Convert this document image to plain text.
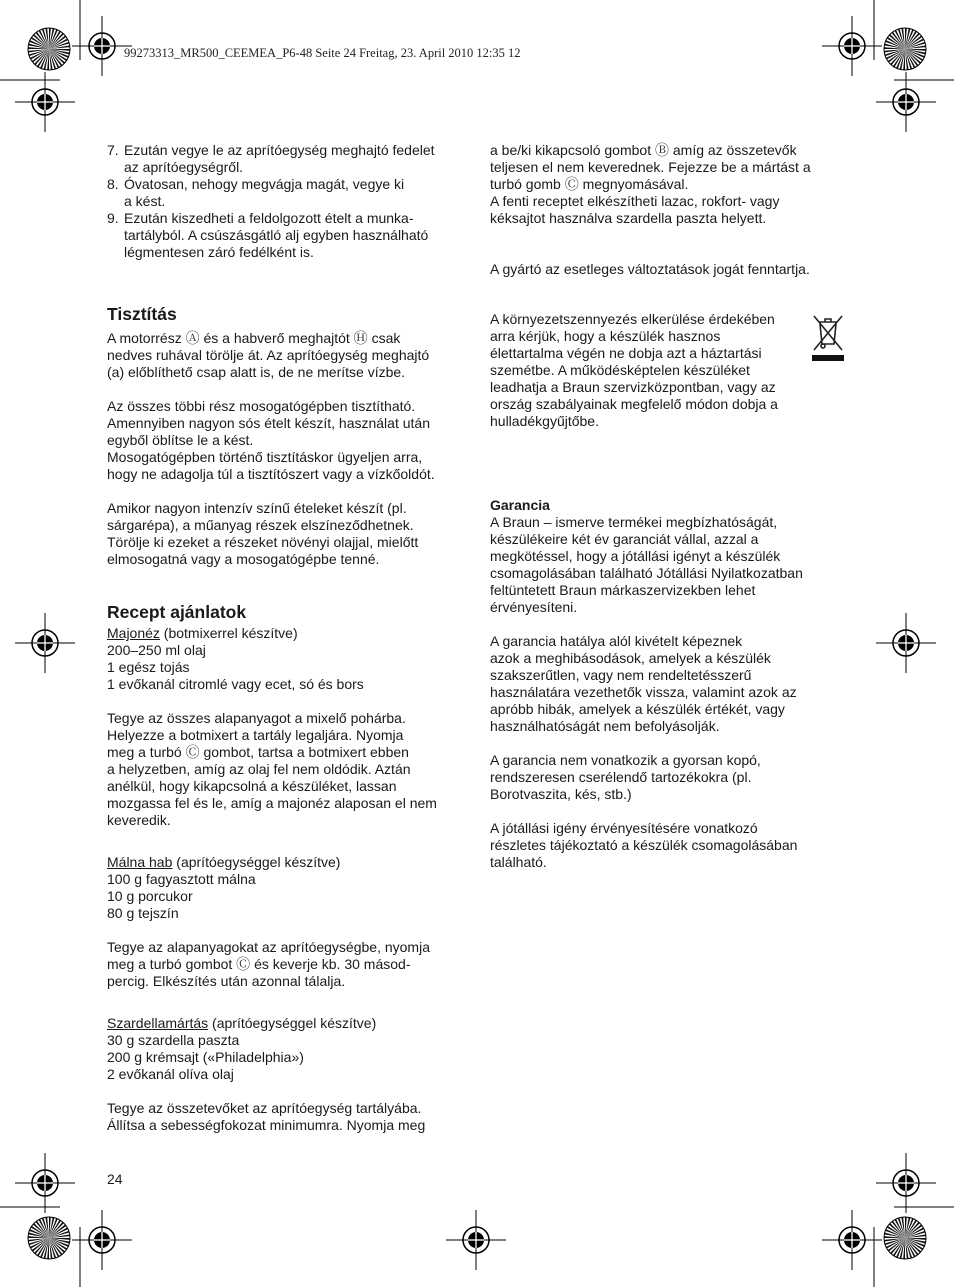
99273313_MR500_CEEMEA_P6-48 Seite 24 Freitag, 23. April 2010 12:35 12
7. Ezután vegye le az aprítóegység meghajtó fedelet
az aprítóegységről.
8. Óvatosan, nehogy megvágja magát, vegye ki
a kést.
9. Ezután kiszedheti a feldolgozott ételt a munka-
tartályból. A csúszásgátló alj egyben használható
légmentesen záró fedélként is.
Tisztítás
A motorrész Ⓐ és a habverő meghajtót Ⓗ csak
nedves ruhával törölje át. Az aprítóegység meghajtó
(a) előblíthető csap alatt is, de ne merítse vízbe.
Az összes többi rész mosogatógépben tisztítható.
Amennyiben nagyon sós ételt készít, használat után
egyből öblítse le a kést.
Mosogatógépben történő tisztításkor ügyeljen arra,
hogy ne adagolja túl a tisztítószert vagy a vízkőoldót.
Amikor nagyon intenzív színű ételeket készít (pl.
sárgarépa), a műanyag részek elszíneződhetnek.
Törölje ki ezeket a részeket növényi olajjal, mielőtt
elmosogatná vagy a mosogatógépbe tenné.
Recept ajánlatok
Majonéz (botmixerrel készítve)
200–250 ml olaj
1 egész tojás
1 evőkanál citromlé vagy ecet, só és bors
Tegye az összes alapanyagot a mixelő pohárba.
Helyezze a botmixert a tartály legaljára. Nyomja
meg a turbó Ⓒ gombot, tartsa a botmixert ebben
a helyzetben, amíg az olaj fel nem oldódik. Aztán
anélkül, hogy kikapcsolná a készüléket, lassan
mozgassa fel és le, amíg a majonéz alaposan el nem
keveredik.
Málna hab (aprítóegységgel készítve)
100 g fagyasztott málna
10 g porcukor
80 g tejszín
Tegye az alapanyagokat az aprítóegységbe, nyomja
meg a turbó gombot Ⓒ és keverje kb. 30 másod-
percig. Elkészítés után azonnal tálalja.
Szardellamártás (aprítóegységgel készítve)
30 g szardella paszta
200 g krémsajt («Philadelphia»)
2 evőkanál olíva olaj
Tegye az összetevőket az aprítóegység tartályába.
Állítsa a sebességfokozat minimumra. Nyomja meg
a be/ki kikapcsoló gombot Ⓑ amíg az összetevők
teljesen el nem keverednek. Fejezze be a mártást a
turbó gomb Ⓒ megnyomásával.
A fenti receptet elkészítheti lazac, rokfort- vagy
kéksajtot használva szardella paszta helyett.
A gyártó az esetleges változtatások jogát fenntartja.
A környezetszennyezés elkerülése érdekében
arra kérjük, hogy a készülék hasznos
élettartalma végén ne dobja azt a háztartási
szemétbe. A működésképtelen készüléket
leadhatja a Braun szervizközpontban, vagy az
ország szabályainak megfelelő módon dobja a
hulladékgyűjtőbe.
Garancia
A Braun – ismerve termékei megbízhatóságát,
készülékeire két év garanciát vállal, azzal a
megkötéssel, hogy a jótállási igényt a készülék
csomagolásában található Jótállási Nyilatkozatban
feltüntetett Braun márkaszervizekben lehet
érvényesíteni.
A garancia hatálya alól kivételt képeznek
azok a meghibásodások, amelyek a készülék
szakszerűtlen, vagy nem rendeltetésszerű
használatára vezethetők vissza, valamint azok az
apróbb hibák, amelyek a készülék értékét, vagy
használhatóságát nem befolyásolják.
A garancia nem vonatkozik a gyorsan kopó,
rendszeresen cserélendő tartozékokra (pl.
Borotvaszita, kés, stb.)
A jótállási igény érvényesítésére vonatkozó
részletes tájékoztató a készülék csomagolásában
található.
24
